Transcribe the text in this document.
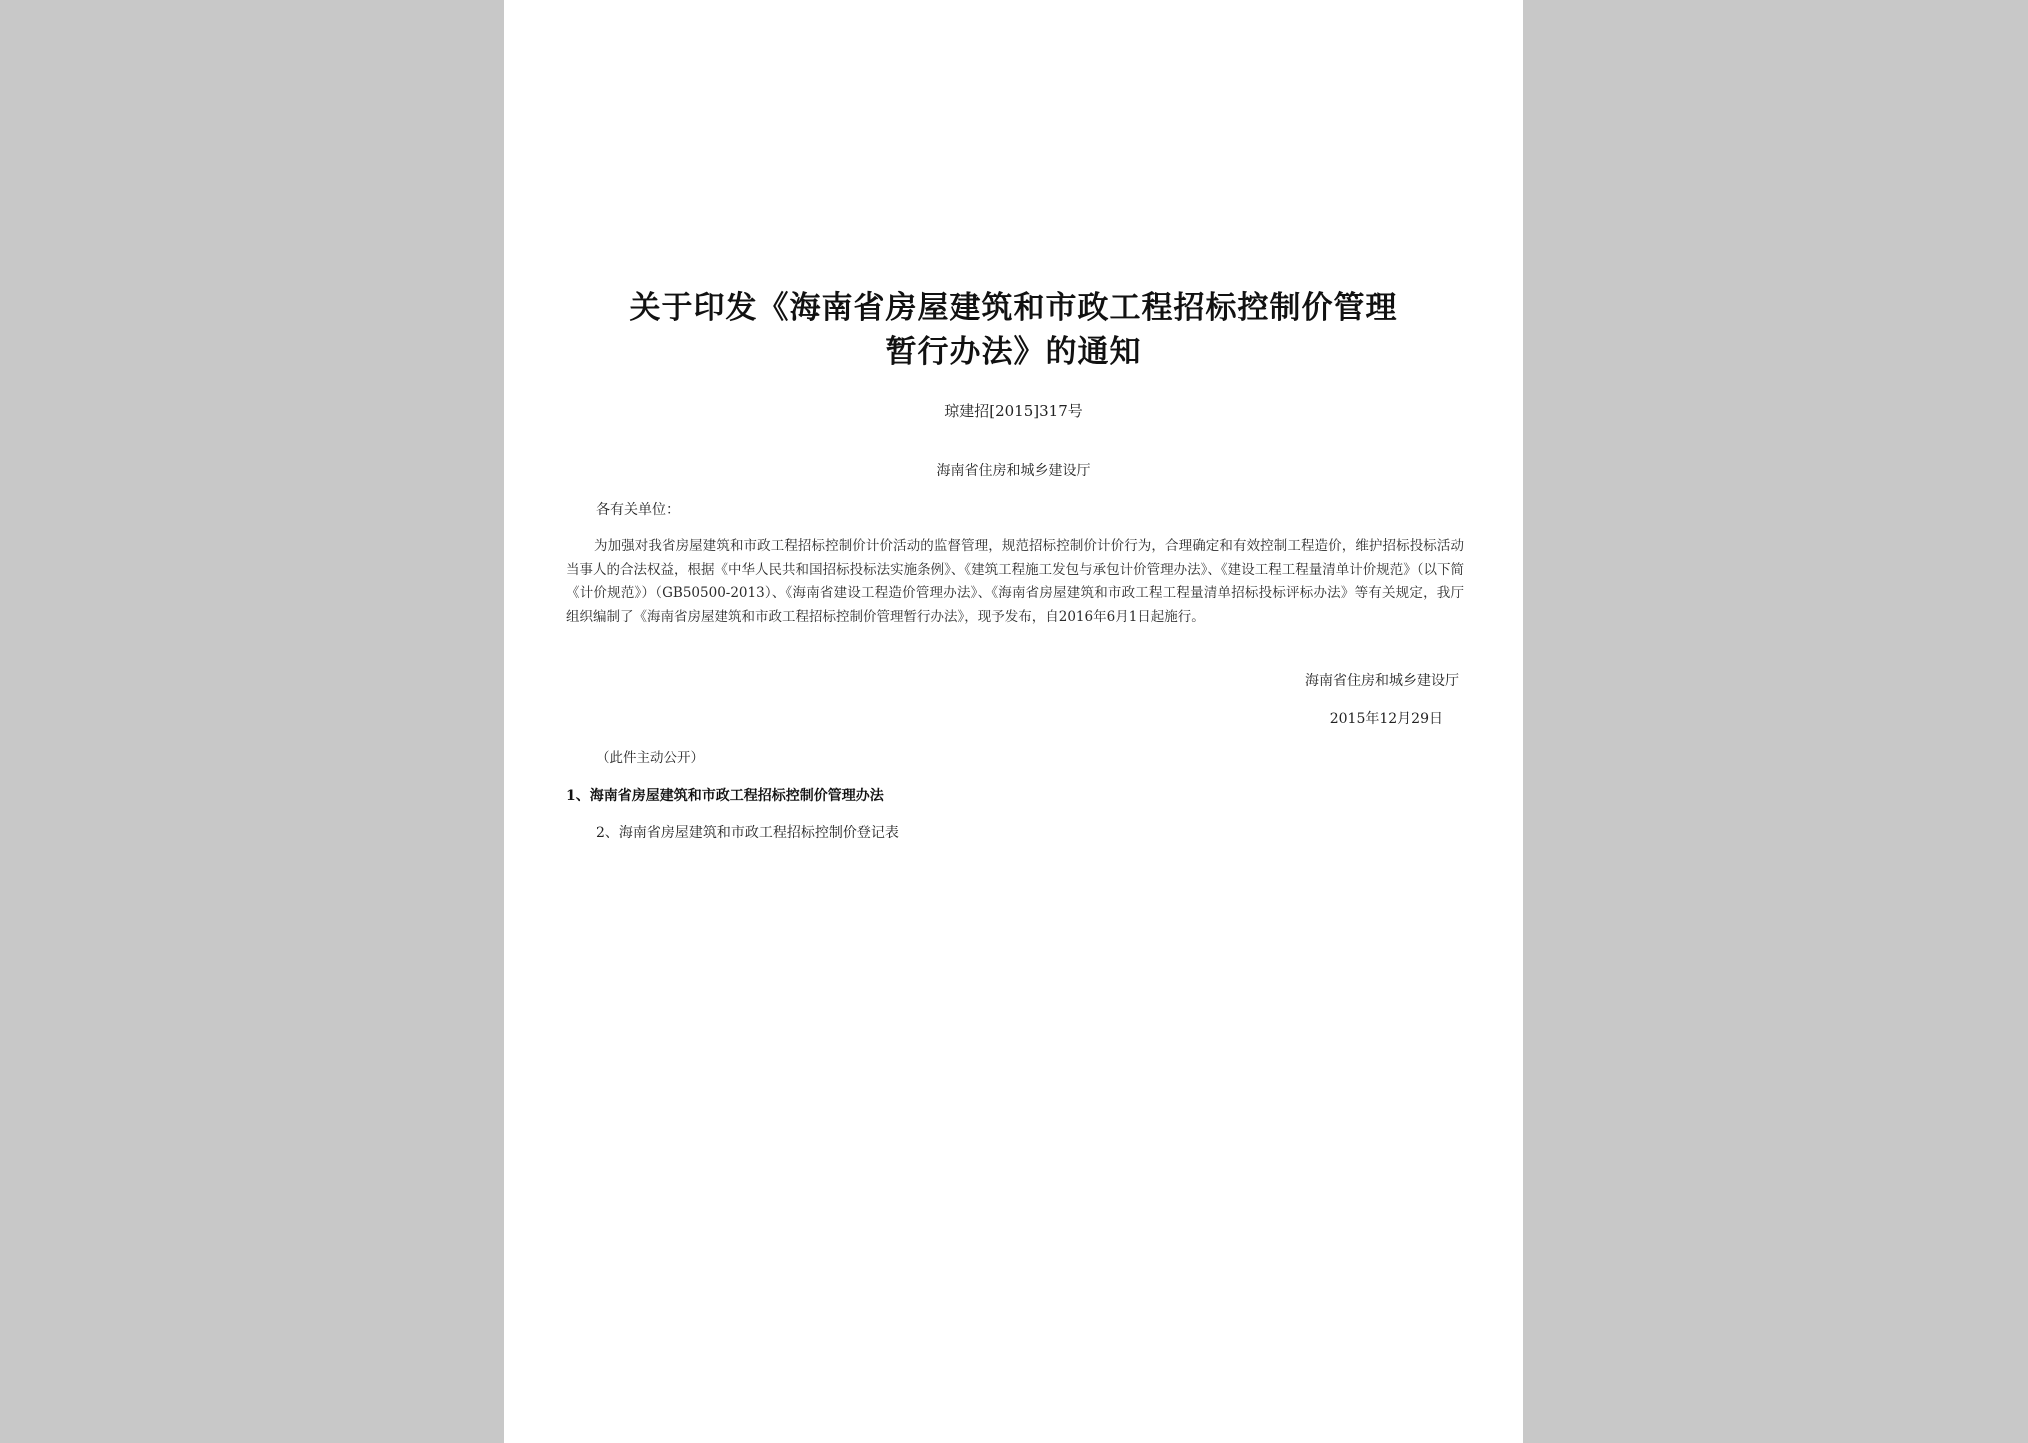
关于印发《海南省房屋建筑和市政工程招标控制价管理
暂行办法》的通知
琼建招[2015]317号
海南省住房和城乡建设厅
各有关单位：
为加强对我省房屋建筑和市政工程招标控制价计价活动的监督管理，规范招标控制价计价行为，合理确定和有效控制工程造价，维护招标投标活动当事人的合法权益，根据《中华人民共和国招标投标法实施条例》、《建筑工程施工发包与承包计价管理办法》、《建设工程工程量清单计价规范》（以下简《计价规范》）（GB50500-2013）、《海南省建设工程造价管理办法》、《海南省房屋建筑和市政工程工程量清单招标投标评标办法》等有关规定，我厅组织编制了《海南省房屋建筑和市政工程招标控制价管理暂行办法》，现予发布，自2016年6月1日起施行。
海南省住房和城乡建设厅
2015年12月29日
（此件主动公开）
1、海南省房屋建筑和市政工程招标控制价管理办法
2、海南省房屋建筑和市政工程招标控制价登记表
